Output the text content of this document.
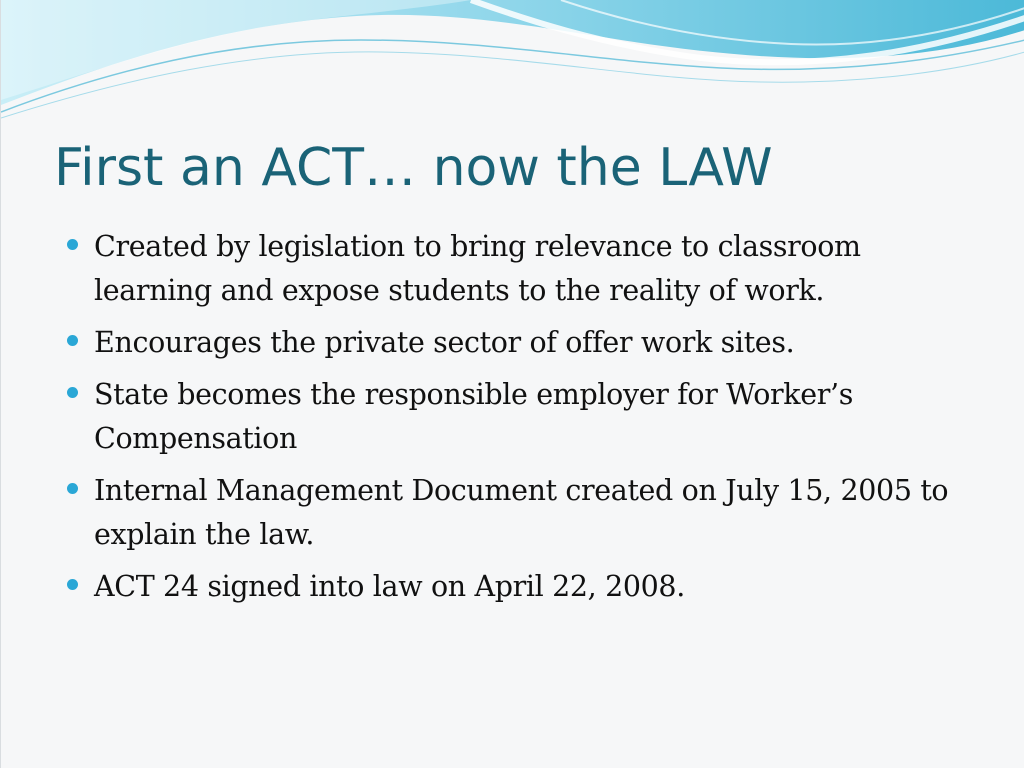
First an ACT… now the LAW
Created by legislation to bring relevance to classroom learning and expose students to the reality of work.
Encourages the private sector of offer work sites.
State becomes the responsible employer for Worker’s Compensation
Internal Management Document created on July 15, 2005 to explain the law.
ACT 24 signed into law on April 22, 2008.
